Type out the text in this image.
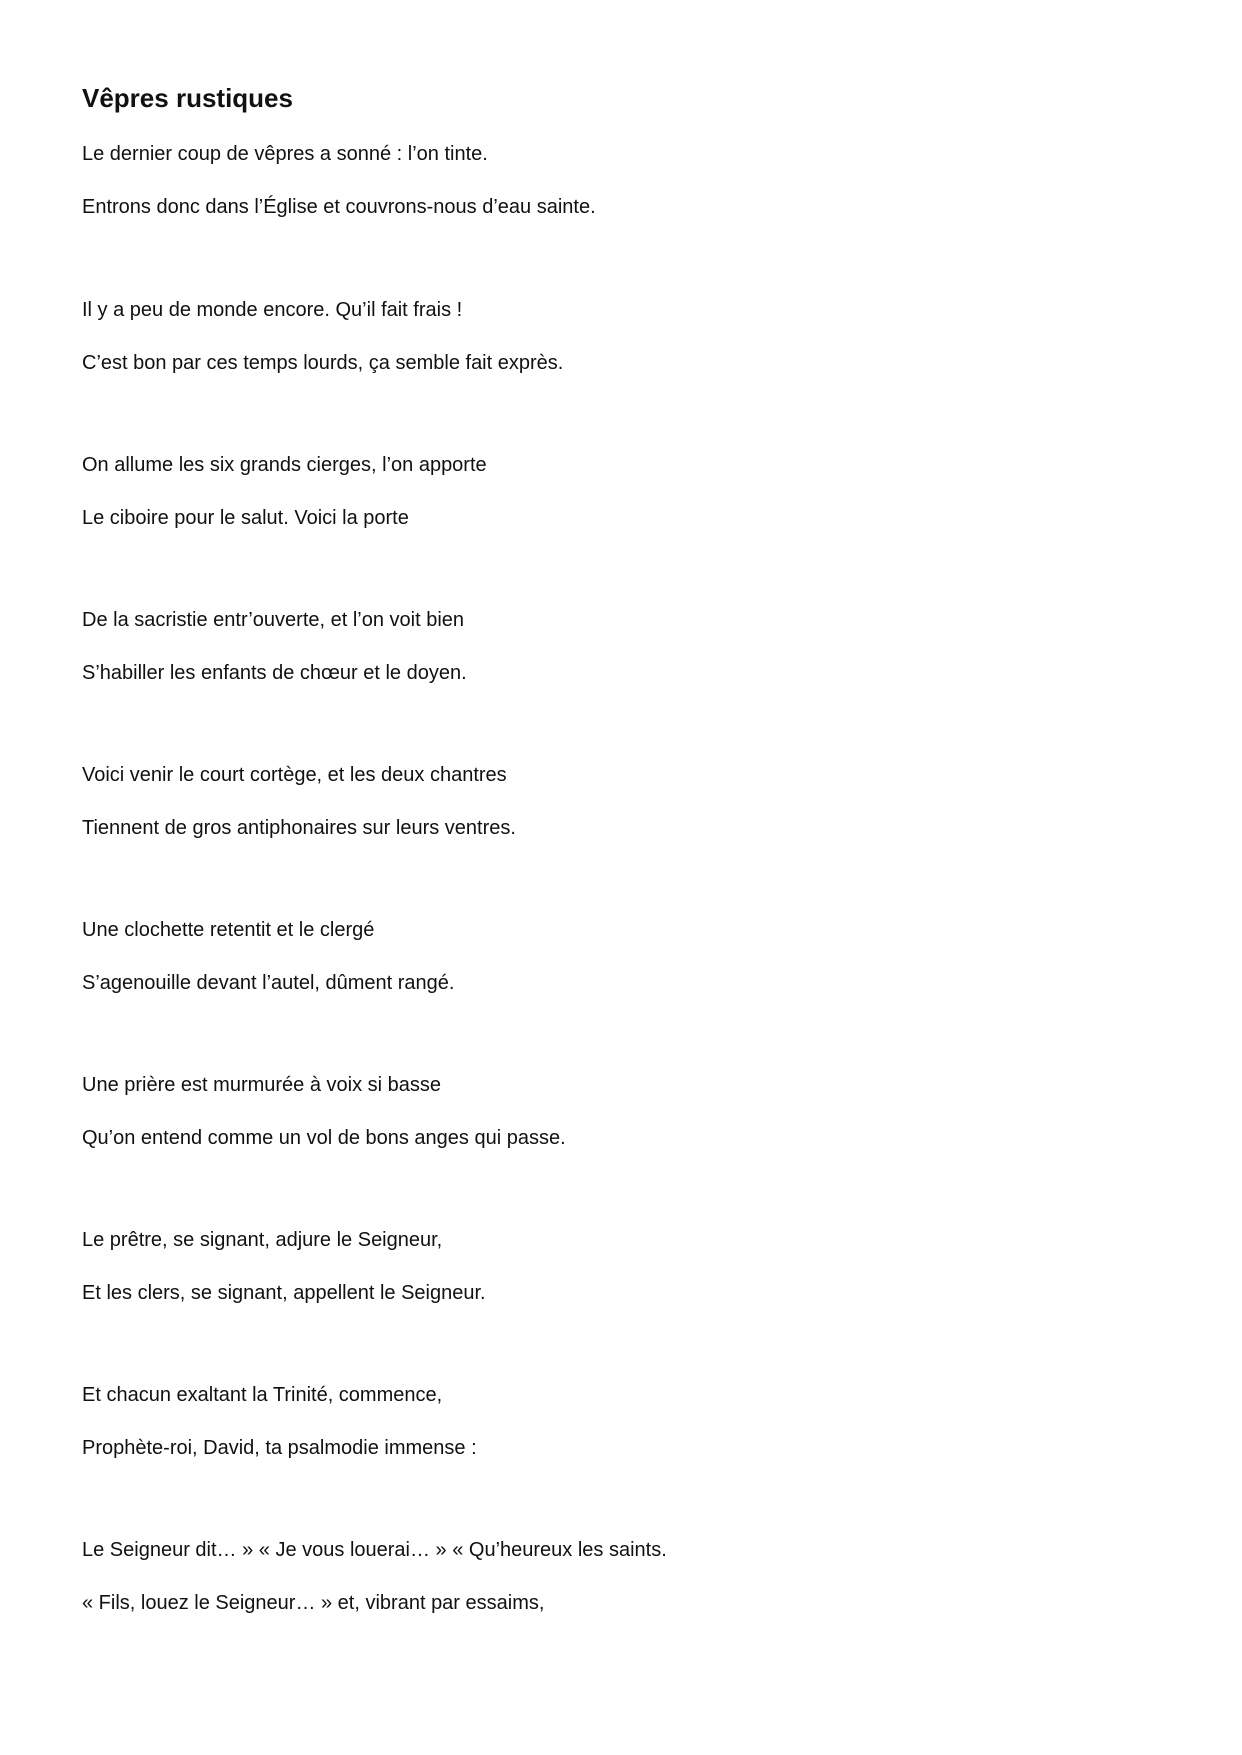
Vêpres rustiques

Le dernier coup de vêpres a sonné : l’on tinte.

Entrons donc dans l’Église et couvrons-nous d’eau sainte.

Il y a peu de monde encore. Qu’il fait frais !

C’est bon par ces temps lourds, ça semble fait exprès.

On allume les six grands cierges, l’on apporte

Le ciboire pour le salut. Voici la porte

De la sacristie entr’ouverte, et l’on voit bien

S’habiller les enfants de chœur et le doyen.

Voici venir le court cortège, et les deux chantres

Tiennent de gros antiphonaires sur leurs ventres.

Une clochette retentit et le clergé

S’agenouille devant l’autel, dûment rangé.

Une prière est murmurée à voix si basse

Qu’on entend comme un vol de bons anges qui passe.

Le prêtre, se signant, adjure le Seigneur,

Et les clers, se signant, appellent le Seigneur.

Et chacun exaltant la Trinité, commence,

Prophète-roi, David, ta psalmodie immense :

Le Seigneur dit… » « Je vous louerai… » « Qu’heureux les saints.

« Fils, louez le Seigneur… » et, vibrant par essaims,
